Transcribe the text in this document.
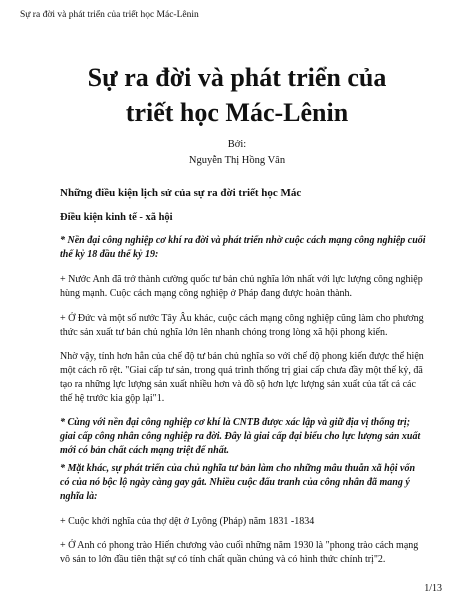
Sự ra đời và phát triển của triết học Mác-Lênin
Sự ra đời và phát triển của
triết học Mác-Lênin
Bởi:
Nguyễn Thị Hồng Vân
Những điều kiện lịch sử của sự ra đời triết học Mác
Điều kiện kinh tế - xã hội
* Nền đại công nghiệp cơ khí ra đời và phát triển nhờ cuộc cách mạng công nghiệp cuối thế kỷ 18 đầu thế kỷ 19:
+ Nước Anh đã trở thành cường quốc tư bản chủ nghĩa lớn nhất với lực lượng công nghiệp hùng mạnh. Cuộc cách mạng công nghiệp ở Pháp đang được hoàn thành.
+ Ở Đức và một số nước Tây Âu khác, cuộc cách mạng công nghiệp cũng làm cho phương thức sản xuất tư bản chủ nghĩa lớn lên nhanh chóng trong lòng xã hội phong kiến.
Nhờ vậy, tính hơn hẳn của chế độ tư bản chủ nghĩa so với chế độ phong kiến được thể hiện một cách rõ rệt. "Giai cấp tư sản, trong quá trình thống trị giai cấp chưa đầy một thế kỷ, đã tạo ra những lực lượng sản xuất nhiều hơn và đồ sộ hơn lực lượng sản xuất của tất cả các thế hệ trước kia gộp lại"1.
* Cùng với nền đại công nghiệp cơ khí là CNTB được xác lập và giữ địa vị thống trị; giai cấp công nhân công nghiệp ra đời. Đây là giai cấp đại biểu cho lực lượng sản xuất mới có bản chất cách mạng triệt để nhất.
* Mặt khác, sự phát triển của chủ nghĩa tư bản làm cho những mâu thuẫn xã hội vốn có của nó bộc lộ ngày càng gay gắt. Nhiều cuộc đấu tranh của công nhân đã mang ý nghĩa là:
+ Cuộc khởi nghĩa của thợ dệt ở Lyông (Pháp) năm 1831 -1834
+ Ở Anh có phong trào Hiến chương vào cuối những năm 1930 là "phong trào cách mạng vô sản to lớn đầu tiên thật sự có tính chất quần chúng và có hình thức chính trị"2.
1/13
